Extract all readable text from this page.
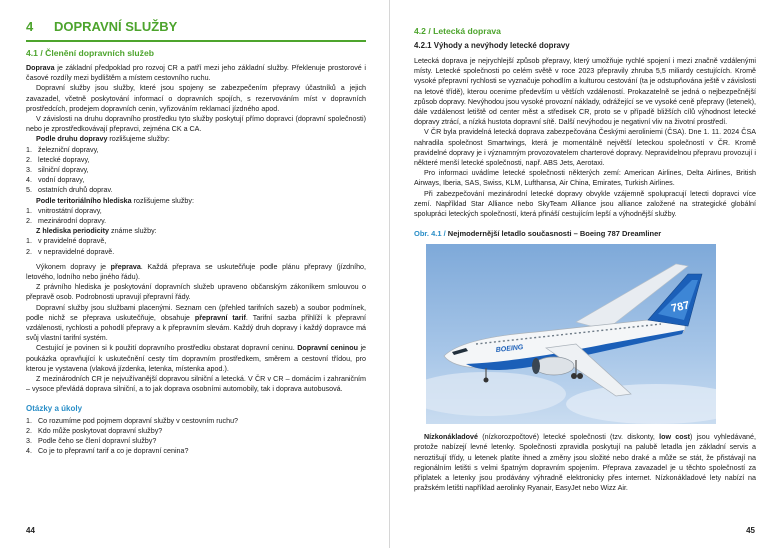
4	DOPRAVNÍ SLUŽBY
4.1 / Členění dopravních služeb

Doprava je základní předpoklad pro rozvoj CR a patří mezi jeho základní služby. Překlenuje prostorové i časové rozdíly mezi bydlištěm a místem cestovního ruchu.

Dopravní služby jsou služby, které jsou spojeny se zabezpečením přepravy účastníků a jejich zavazadel, včetně poskytování informací o dopravních spojích, s rezervováním míst v dopravních prostředcích, prodejem dopravních cenin, vyřizováním reklamací jízdného apod.

V závislosti na druhu dopravního prostředku tyto služby poskytují přímo dopravci (dopravní společnosti) nebo je zprostředkovávají přepravci, zejména CK a CA.

Podle druhu dopravy rozlišujeme služby:

1. železniční dopravy,
2. letecké dopravy,
3. silniční dopravy,
4. vodní dopravy,
5. ostatních druhů doprav.

Podle teritoriálního hlediska rozlišujeme služby:

1. vnitrostátní dopravy,
2. mezinárodní dopravy.

Z hlediska periodicity známe služby:

1. v pravidelné dopravě,
2. v nepravidelné dopravě.

Výkonem dopravy je přeprava. Každá přeprava se uskutečňuje podle plánu přepravy (jízdního, letového, lodního nebo jiného řádu).

Z právního hlediska je poskytování dopravních služeb upraveno občanským zákoníkem smlouvou o přepravě osob. Podrobnosti upravují přepravní řády.

Dopravní služby jsou službami placenými. Seznam cen (přehled tarifních sazeb) a soubor podmínek, podle nichž se přeprava uskutečňuje, obsahuje přepravní tarif. Tarifní sazba přihlíží k přepravní vzdálenosti, rychlosti a pohodlí přepravy a k přepravním slevám. Každý druh dopravy i každý dopravce má svůj vlastní tarifní systém.

Cestující je povinen si k použití dopravního prostředku obstarat dopravní ceninu. Dopravní ceninou je poukázka opravňující k uskutečnění cesty tím dopravním prostředkem, směrem a cestovní třídou, pro kterou je vystavena (vlaková jízdenka, letenka, místenka apod.).

Z mezinárodních CR je nejvužívanější dopravou silniční a letecká. V ČR v CR – domácím i zahraničním – vysoce převládá doprava silniční, a to jak doprava osobními automobily, tak i doprava autobusová.

Otázky a úkoly
1. Co rozumíme pod pojmem dopravní služby v cestovním ruchu?
2. Kdo může poskytovat dopravní služby?
3. Podle čeho se člení dopravní služby?
4. Co je to přepravní tarif a co je dopravní cenina?
44
4.2 / Letecká doprava
4.2.1 Výhody a nevýhody letecké dopravy

Letecká doprava je nejrychlejší způsob přepravy, který umožňuje rychlé spojení i mezi značně vzdálenými místy. Letecké společnosti po celém světě v roce 2023 přepravily zhruba 5,5 miliardy cestujících. Kromě vysoké přepravní rychlosti se vyznačuje pohodlím a kulturou cestování (ta je odstupňována ještě v závislosti na letové třídě), kterou ocenime především u větších vzdáleností. Prokazatelně se jedná o nejbezpečnější způsob dopravy. Nevýhodou jsou vysoké provozní náklady, odrážející se ve vysoké ceně přepravy (letenek), dále vzdálenost letiště od center měst a středisek CR, proto se v případě bližších cílů výhodnost letecké dopravy ztrácí, a nízká hustota dopravní sítě. Další nevýhodou je negativní vliv na životní prostředí.

V ČR byla pravidelná letecká doprava zabezpečována Českými aeroliniemi (ČSA). Dne 1. 11. 2024 ČSA nahradila společnost Smartwings, která je momentálně největší leteckou společností v ČR. Kromě pravidelné dopravy je i významným provozovatelem charterové dopravy. Nepravidelnou přepravu provozují i některé menší letecké společnosti, např. ABS Jets, Aerotaxi.

Pro informaci uvádíme letecké společnosti některých zemí: American Airlines, Delta Airlines, British Airways, Iberia, SAS, Swiss, KLM, Lufthansa, Air China, Emirates, Turkish Airlines.

Při zabezpečování mezinárodní letecké dopravy obvykle vzájemně spolupracují letecti dopravci více zemí. Například Star Alliance nebo SkyTeam Alliance jsou alliance založené na strategické globální spolupráci leteckých společností, která přináší cestujícím lepší a výhodnější služby.

Obr. 4.1 / Nejmodernější letadlo současnosti – Boeing 787 Dreamliner
787
BOEING

Nízkonákladové (nízkorozpočtové) letecké společnosti (tzv. diskonty, low cost) jsou vyhledávané, protože nabízejí levné letenky. Společnosti zpravidla poskytují na palubě letadla jen základní servis a neroztišují třídy, u letenek platíte ihned a změny jsou složité nebo draké a může se stát, že přistávají na regionálním letišti s velmi špatným dopravním spojením. Přeprava zavazadel je u těchto společností za příplatek a letenky jsou prodávány výhradně elektronicky přes internet. Nízkonákladové lety nabízí na pražském letišti například aerolinky Ryanair, EasyJet nebo Wizz Air.

45
